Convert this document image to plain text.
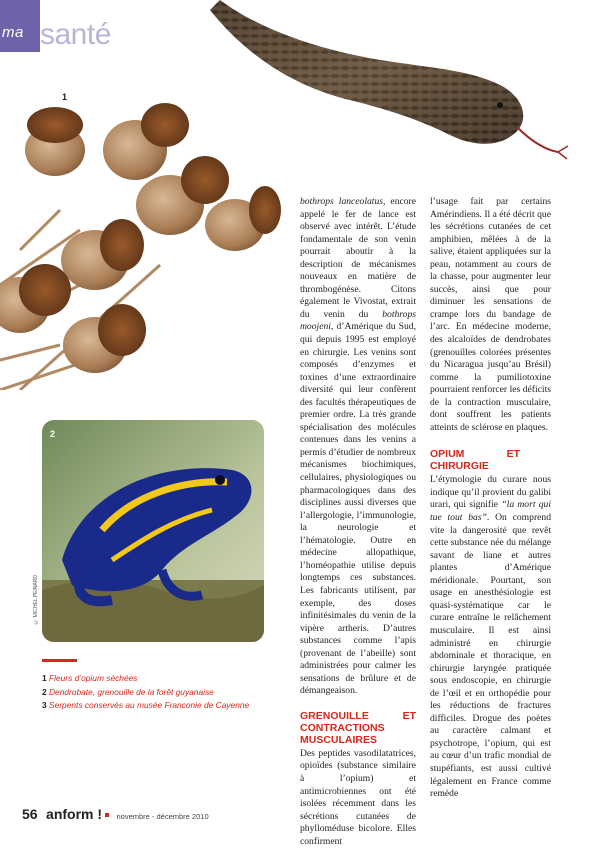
ma santé
1
2
© MICHEL PEINARD
1 Fleurs d’opium séchées
2 Dendrobate, grenouille de la forêt guyanaise
3 Serpents conservés au musée Franconie de Cayenne

bothrops lanceolatus, encore appelé le fer de lance est observé avec intérêt. L’étude fondamentale de son venin pourrait aboutir à la description de mécanismes nouveaux en matière de thrombogénèse. Citons également le Vivostat, extrait du venin du bothrops moojeni, d’Amérique du Sud, qui depuis 1995 est employé en chirurgie. Les venins sont composés d’enzymes et toxines d’une extraordinaire diversité qui leur confèrent des facultés thérapeutiques de premier ordre. La très grande spécialisation des molécules contenues dans les venins a permis d’étudier de nombreux mécanismes biochimiques, cellulaires, physiologiques ou pharmacologiques dans des disciplines aussi diverses que l’allergologie, l’immunologie, la neurologie et l’hématologie. Outre en médecine allopathique, l’homéopathie utilise depuis longtemps ces substances. Les fabricants utilisent, par exemple, des doses infinitésimales du venin de la vipère artheris. D’autres substances comme l’apis (provenant de l’abeille) sont administrées pour calmer les sensations de brûlure et de démangeaison.

GRENOUILLE ET CONTRACTIONS MUSCULAIRES

Des peptides vasodilatatrices, opioïdes (substance similaire à l’opium) et antimicrobiennes ont été isolées récemment dans les sécrétions cutanées de phylloméduse bicolore. Elles confirment

l’usage fait par certains Amérindiens. Il a été décrit que les sécrétions cutanées de cet amphibien, mêlées à de la salive, étaient appliquées sur la peau, notamment au cours de la chasse, pour augmenter leur succès, ainsi que pour diminuer les sensations de crampe lors du bandage de l’arc. En médecine moderne, des alcaloïdes de dendrobates (grenouilles colorées présentes du Nicaragua jusqu’au Brésil) comme la pumiliotoxine pourraient renforcer les déficits de la contraction musculaire, dont souffrent les patients atteints de sclérose en plaques.

OPIUM ET CHIRURGIE

L’étymologie du curare nous indique qu’il provient du galibi urari, qui signifie “la mort qui tue tout bas”. On comprend vite la dangerosité que revêt cette substance née du mélange savant de liane et autres plantes d’Amérique méridionale. Pourtant, son usage en anesthésiologie est quasi-systématique car le curare entraîne le relâchement musculaire. Il est ainsi administré en chirurgie abdominale et thoracique, en chirurgie laryngée pratiquée sous endoscopie, en chirurgie de l’œil et en orthopédie pour les réductions de fractures difficiles. Drogue des poètes au caractère calmant et psychotrope, l’opium, qui est au cœur d’un trafic mondial de stupéfiants, est aussi cultivé légalement en France comme remède

56 anform ! novembre - décembre 2010
